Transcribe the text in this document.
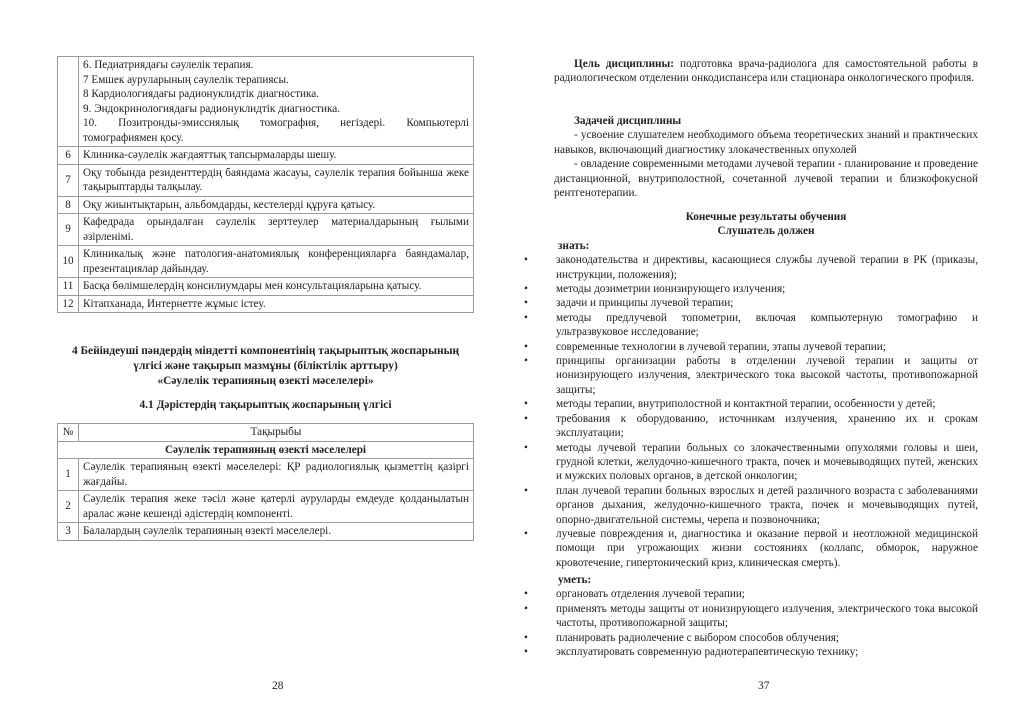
	6. Педиатриядағы сәулелік терапия.
7 Емшек ауруларының сәулелік терапиясы.
8 Кардиологиядағы радионуклидтік диагностика.
9. Эндокринологиядағы радионуклидтік диагностика.
10. Позитронды-эмиссиялық томография, негіздері. Компьютерлі томографиямен қосу.

6	Клиника-сәулелік жағдаяттық тапсырмаларды шешу.
7	Оқу тобында резиденттердің баяндама жасауы, сәулелік терапия бойынша жеке тақырыптарды талқылау.
8	Оқу жиынтықтарын, альбомдарды, кестелерді құруға қатысу.
9	Кафедрада орындалған сәулелік зерттеулер материалдарының ғылыми әзірленімі.
10	Клиникалық және патология-анатомиялық конференцияларға баяндамалар, презентациялар дайындау.
11	Басқа бөлімшелердің консилиумдары мен консультацияларына қатысу.
12	Кітапханада, Интернетте жұмыс істеу.
4 Бейіндеуші пәндердің міндетті компонентінің тақырыптық жоспарының
үлгісі және тақырып мазмұны (біліктілік арттыру)
«Сәулелік терапияның өзекті мәселелері»
4.1 Дәрістердің тақырыптық жоспарының үлгісі
№	Тақырыбы
Сәулелік терапияның өзекті мәселелері	
1	Сәулелік терапияның өзекті мәселелері: ҚР радиологиялық қызметтің қазіргі жағдайы.
2	Сәулелік терапия жеке тәсіл және қатерлі ауруларды емдеуде қолданылатын аралас және кешенді әдістердің компоненті.
3	Балалардың сәулелік терапияның өзекті мәселелері.
28
Цель дисциплины: подготовка врача-радиолога для самостоятельной работы в радиологическом отделении онкодиспансера или стационара онкологического профиля.
Задачей дисциплины
- усвоение слушателем необходимого объема теоретических знаний и практических навыков, включающий диагностику злокачественных опухолей
- овладение современными методами лучевой терапии - планирование и проведение дистанционной, внутриполостной, сочетанной лучевой терапии и близкофокусной рентгенотерапии.
Конечные результаты обучения
Слушатель должен
знать:
•	законодательства и директивы, касающиеся службы лучевой терапии в РК (приказы, инструкции, положения);
•	методы дозиметрии ионизирующего излучения;
•	задачи и принципы лучевой терапии;
•	методы предлучевой топометрии, включая компьютерную томографию и ультразвуковое исследование;
•	современные технологии в лучевой терапии, этапы лучевой терапии;
•	принципы организации работы в отделении лучевой терапии и защиты от ионизирующего излучения, электрического тока высокой частоты, противопожарной защиты;
•	методы терапии, внутриполостной и контактной терапии, особенности у детей;
•	требования к оборудованию, источникам излучения, хранению их и срокам эксплуатации;
•	методы лучевой терапии больных со злокачественными опухолями головы и шеи, грудной клетки, желудочно-кишечного тракта, почек и мочевыводящих путей, женских и мужских половых органов, в детской онкологии;
•	план лучевой терапии больных взрослых и детей различного возраста с заболеваниями органов дыхания, желудочно-кишечного тракта, почек и мочевыводящих путей, опорно-двигательной системы, черепа и позвоночника;
•	лучевые повреждения и, диагностика и оказание первой и неотложной медицинской помощи при угрожающих жизни состояниях (коллапс, обморок, наружное кровотечение, гипертонический криз, клиническая смерть).
уметь:
•	органовать отделения лучевой терапии;
•	применять методы защиты от ионизирующего излучения, электрического тока высокой частоты, противопожарной защиты;
•	планировать радиолечение с выбором способов облучения;
•	эксплуатировать современную радиотерапевтическую технику;
37
